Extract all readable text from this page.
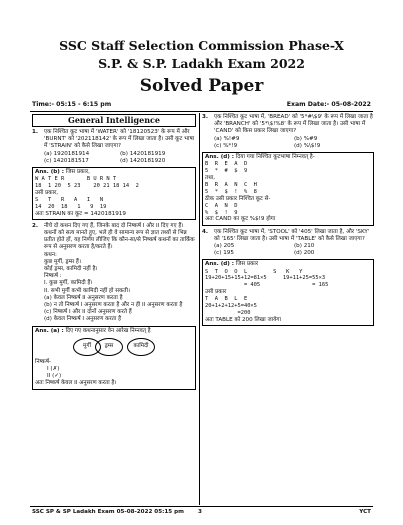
SSC Staff Selection Commission Phase-X
S.P. & S.P. Ladakh Exam 2022
Solved Paper
Time:- 05:15 - 6:15 pm	Exam Date:- 05-08-2022
General Intelligence
1.	एक निश्चित कूट भाषा में 'WATER' को '18120523' के रूप में और 'BURNT' को '202118142' के रूप में लिखा जाता है। उसी कूट भाषा में 'STRAIN' को कैसे लिखा जाएगा?
(a) 1920181914	(b) 1420181919
(c) 1420181517	(d) 1420181920
Ans. (b) : जिस प्रकार,
W A T E R       B U R N T
18  1 20  5 23    20 21 18 14  2
उसी प्रकार,
S   T   R   A   I   N
14  20  18   1   9  19
अतः STRAIN का कूट = 1420181919
2.	नीचे दो कथन दिए गए हैं, जिनके बाद दो निष्कर्ष I और II दिए गए हैं। कथनों को सत्य मानते हुए, भले ही वे सामान्य रूप से ज्ञात तथ्यों से भिन्न प्रतीत होते हों, यह निर्णय लीजिए कि कौन-सा/से निष्कर्ष कथनों का तार्किक रूप से अनुसरण करता है/करते हैं।
कथन:
कुछ मुर्गी, ड्रम्स हैं।
कोई ड्रम्स, कामिदी नहीं है।
निष्कर्ष :
I. कुछ मुर्गी, कामिदी हैं।
II. सभी मुर्गी कभी कामिदी नहीं हो सकती।
(a) केवल निष्कर्ष II अनुसरण करता है
(b) न तो निष्कर्ष I अनुसरण करता है और न ही II अनुसरण करता है
(c) निष्कर्ष I और II दोनों अनुसरण करते हैं
(d) केवल निष्कर्ष I अनुसरण करता है
Ans. (a) : दिए गए कथनानुसार वेन आरेख निम्नवत् है
मुर्गी ड्रम्स	कामिदी
निष्कर्ष-
I (✗)
II (✓)
अतः निष्कर्ष केवल II अनुसरण करता है।
3.	एक निश्चित कूट भाषा में, 'BREAD' को '5*#\$9' के रूप में लिखा जाता है और 'BRANCH' को '5*\$!%8' के रूप में लिखा जाता है। उसी भाषा में 'CAND' को किस प्रकार लिखा जाएगा?
(a) %!#9	(b) %#9
(c) %*!9	(d) %\$!9
Ans. (d) : दिया गया निश्चित कूटभाषा निम्नवत् है-
B  R  E  A  D
5  *  #  $  9
तथा,
B  R  A  N  C  H
5  *  $  !  %  8
ठीक उसी प्रकार निश्चित कूट से-
C  A  N  D
%  $  !  9
अतः CAND का कूट %$!9 होगा
4.	एक निश्चित कूट भाषा में, 'STOOL' को '405' लिखा जाता है, और 'SKY' को '165' लिखा जाता है। उसी भाषा में 'TABLE' को कैसे लिखा जाएगा?
(a) 205	(b) 210
(c) 195	(d) 200
Ans. (d) : जिस प्रकार
S  T  O  O  L        S   K   Y
19+20+15+15+12=81×5     19+11+25=55×3
= 405                = 165
उसी प्रकार
T  A  B  L  E
20+1+2+12+5=40×5
=200
अतः TABLE को 200 लिखा जायेगा
SSC SP & SP Ladakh Exam 05-08-2022 05:15 pm	3	YCT
